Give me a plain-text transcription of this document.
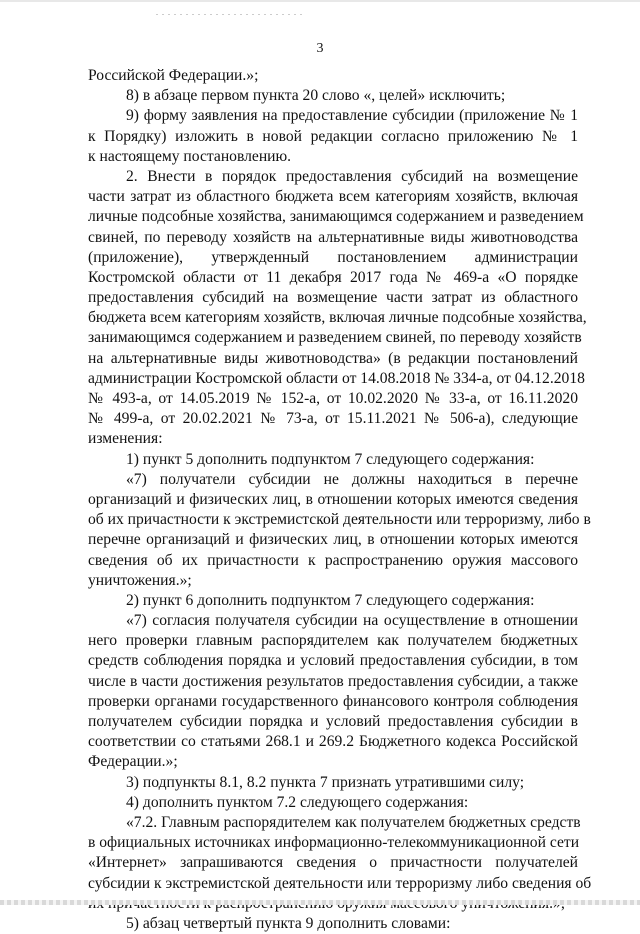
3
Российской Федерации.»;
8) в абзаце первом пункта 20 слово «, целей» исключить;
9) форму заявления на предоставление субсидии (приложение № 1
к Порядку) изложить в новой редакции согласно приложению № 1
к настоящему постановлению.
2. Внести в порядок предоставления субсидий на возмещение
части затрат из областного бюджета всем категориям хозяйств, включая
личные подсобные хозяйства, занимающимся содержанием и разведением
свиней, по переводу хозяйств на альтернативные виды животноводства
(приложение), утвержденный постановлением администрации
Костромской области от 11 декабря 2017 года № 469-а «О порядке
предоставления субсидий на возмещение части затрат из областного
бюджета всем категориям хозяйств, включая личные подсобные хозяйства,
занимающимся содержанием и разведением свиней, по переводу хозяйств
на альтернативные виды животноводства» (в редакции постановлений
администрации Костромской области от 14.08.2018 № 334-а, от 04.12.2018
№ 493-а, от 14.05.2019 № 152-а, от 10.02.2020 № 33-а, от 16.11.2020
№ 499-а, от 20.02.2021 № 73-а, от 15.11.2021 № 506-а), следующие
изменения:
1) пункт 5 дополнить подпунктом 7 следующего содержания:
«7) получатели субсидии не должны находиться в перечне
организаций и физических лиц, в отношении которых имеются сведения
об их причастности к экстремистской деятельности или терроризму, либо в
перечне организаций и физических лиц, в отношении которых имеются
сведения об их причастности к распространению оружия массового
уничтожения.»;
2) пункт 6 дополнить подпунктом 7 следующего содержания:
«7) согласия получателя субсидии на осуществление в отношении
него проверки главным распорядителем как получателем бюджетных
средств соблюдения порядка и условий предоставления субсидии, в том
числе в части достижения результатов предоставления субсидии, а также
проверки органами государственного финансового контроля соблюдения
получателем субсидии порядка и условий предоставления субсидии в
соответствии со статьями 268.1 и 269.2 Бюджетного кодекса Российской
Федерации.»;
3) подпункты 8.1, 8.2 пункта 7 признать утратившими силу;
4) дополнить пунктом 7.2 следующего содержания:
«7.2. Главным распорядителем как получателем бюджетных средств
в официальных источниках информационно-телекоммуникационной сети
«Интернет» запрашиваются сведения о причастности получателей
субсидии к экстремистской деятельности или терроризму либо сведения об
5) абзац четвертый пункта 9 дополнить словами:
